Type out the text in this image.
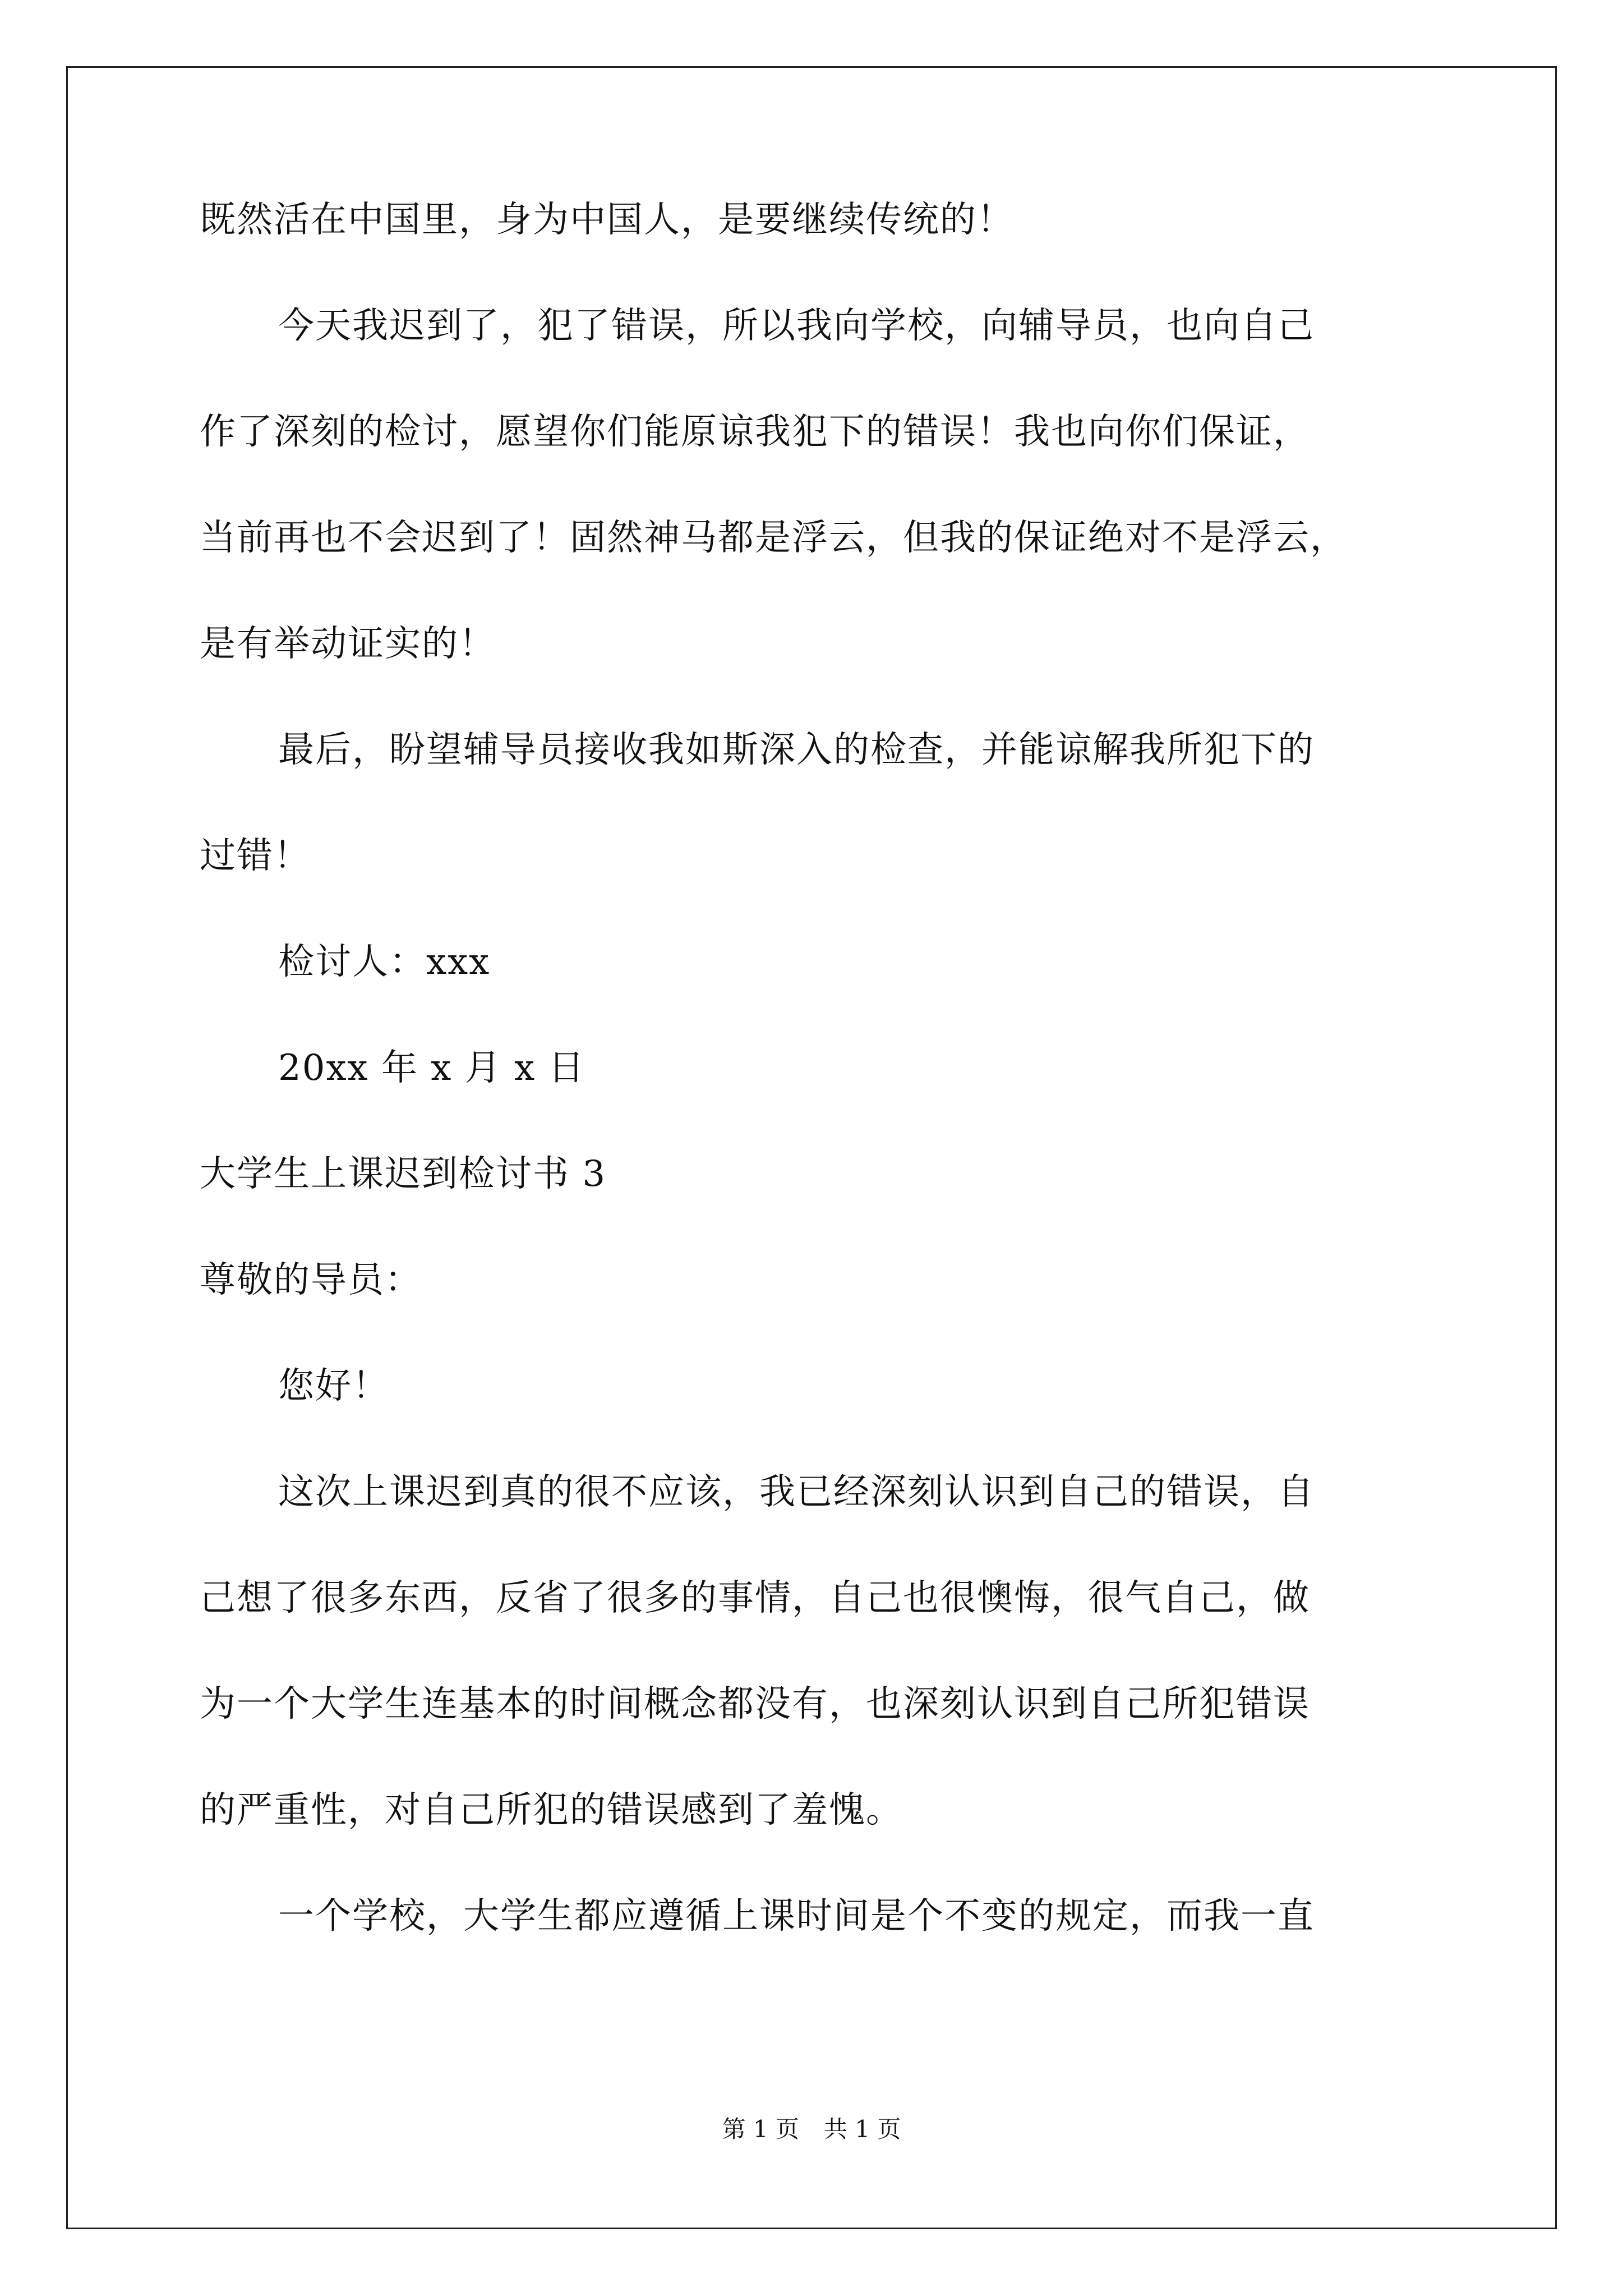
既然活在中国里，身为中国人，是要继续传统的！
今天我迟到了，犯了错误，所以我向学校，向辅导员，也向自己
作了深刻的检讨，愿望你们能原谅我犯下的错误！我也向你们保证，
当前再也不会迟到了！固然神马都是浮云，但我的保证绝对不是浮云，
是有举动证实的！
最后，盼望辅导员接收我如斯深入的检查，并能谅解我所犯下的
过错！
检讨人：xxx
20xx 年 x 月 x 日
大学生上课迟到检讨书 3
尊敬的导员：
您好！
这次上课迟到真的很不应该，我已经深刻认识到自己的错误，自
己想了很多东西，反省了很多的事情，自己也很懊悔，很气自己，做
为一个大学生连基本的时间概念都没有，也深刻认识到自己所犯错误
的严重性，对自己所犯的错误感到了羞愧。
一个学校，大学生都应遵循上课时间是个不变的规定，而我一直
第 1 页 共 1 页
